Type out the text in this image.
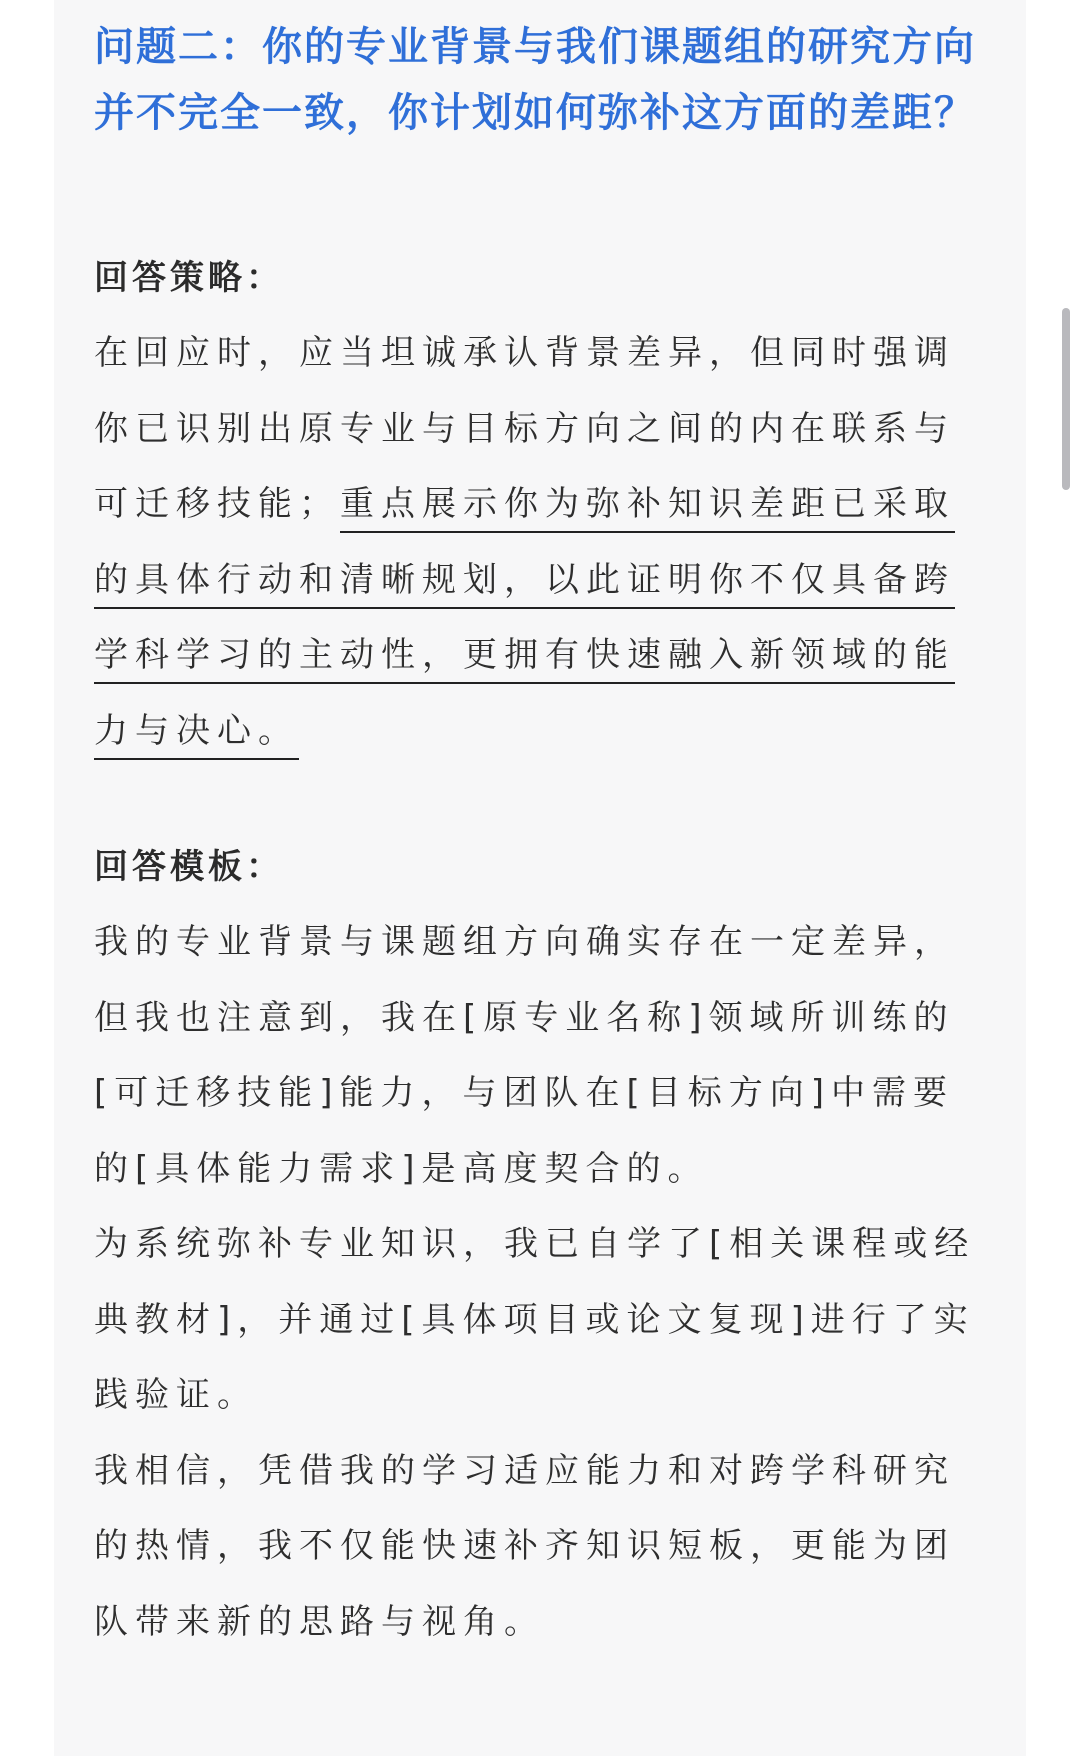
问题二：你的专业背景与我们课题组的研究方向并不完全一致，你计划如何弥补这方面的差距？
回答策略：

在回应时，应当坦诚承认背景差异，但同时强调你已识别出原专业与目标方向之间的内在联系与可迁移技能；重点展示你为弥补知识差距已采取的具体行动和清晰规划，以此证明你不仅具备跨学科学习的主动性，更拥有快速融入新领域的能力与决心。

回答模板：

我的专业背景与课题组方向确实存在一定差异，但我也注意到，我在[原专业名称]领域所训练的[可迁移技能]能力，与团队在[目标方向]中需要的[具体能力需求]是高度契合的。

为系统弥补专业知识，我已自学了[相关课程或经典教材]，并通过[具体项目或论文复现]进行了实践验证。

我相信，凭借我的学习适应能力和对跨学科研究的热情，我不仅能快速补齐知识短板，更能为团队带来新的思路与视角。
